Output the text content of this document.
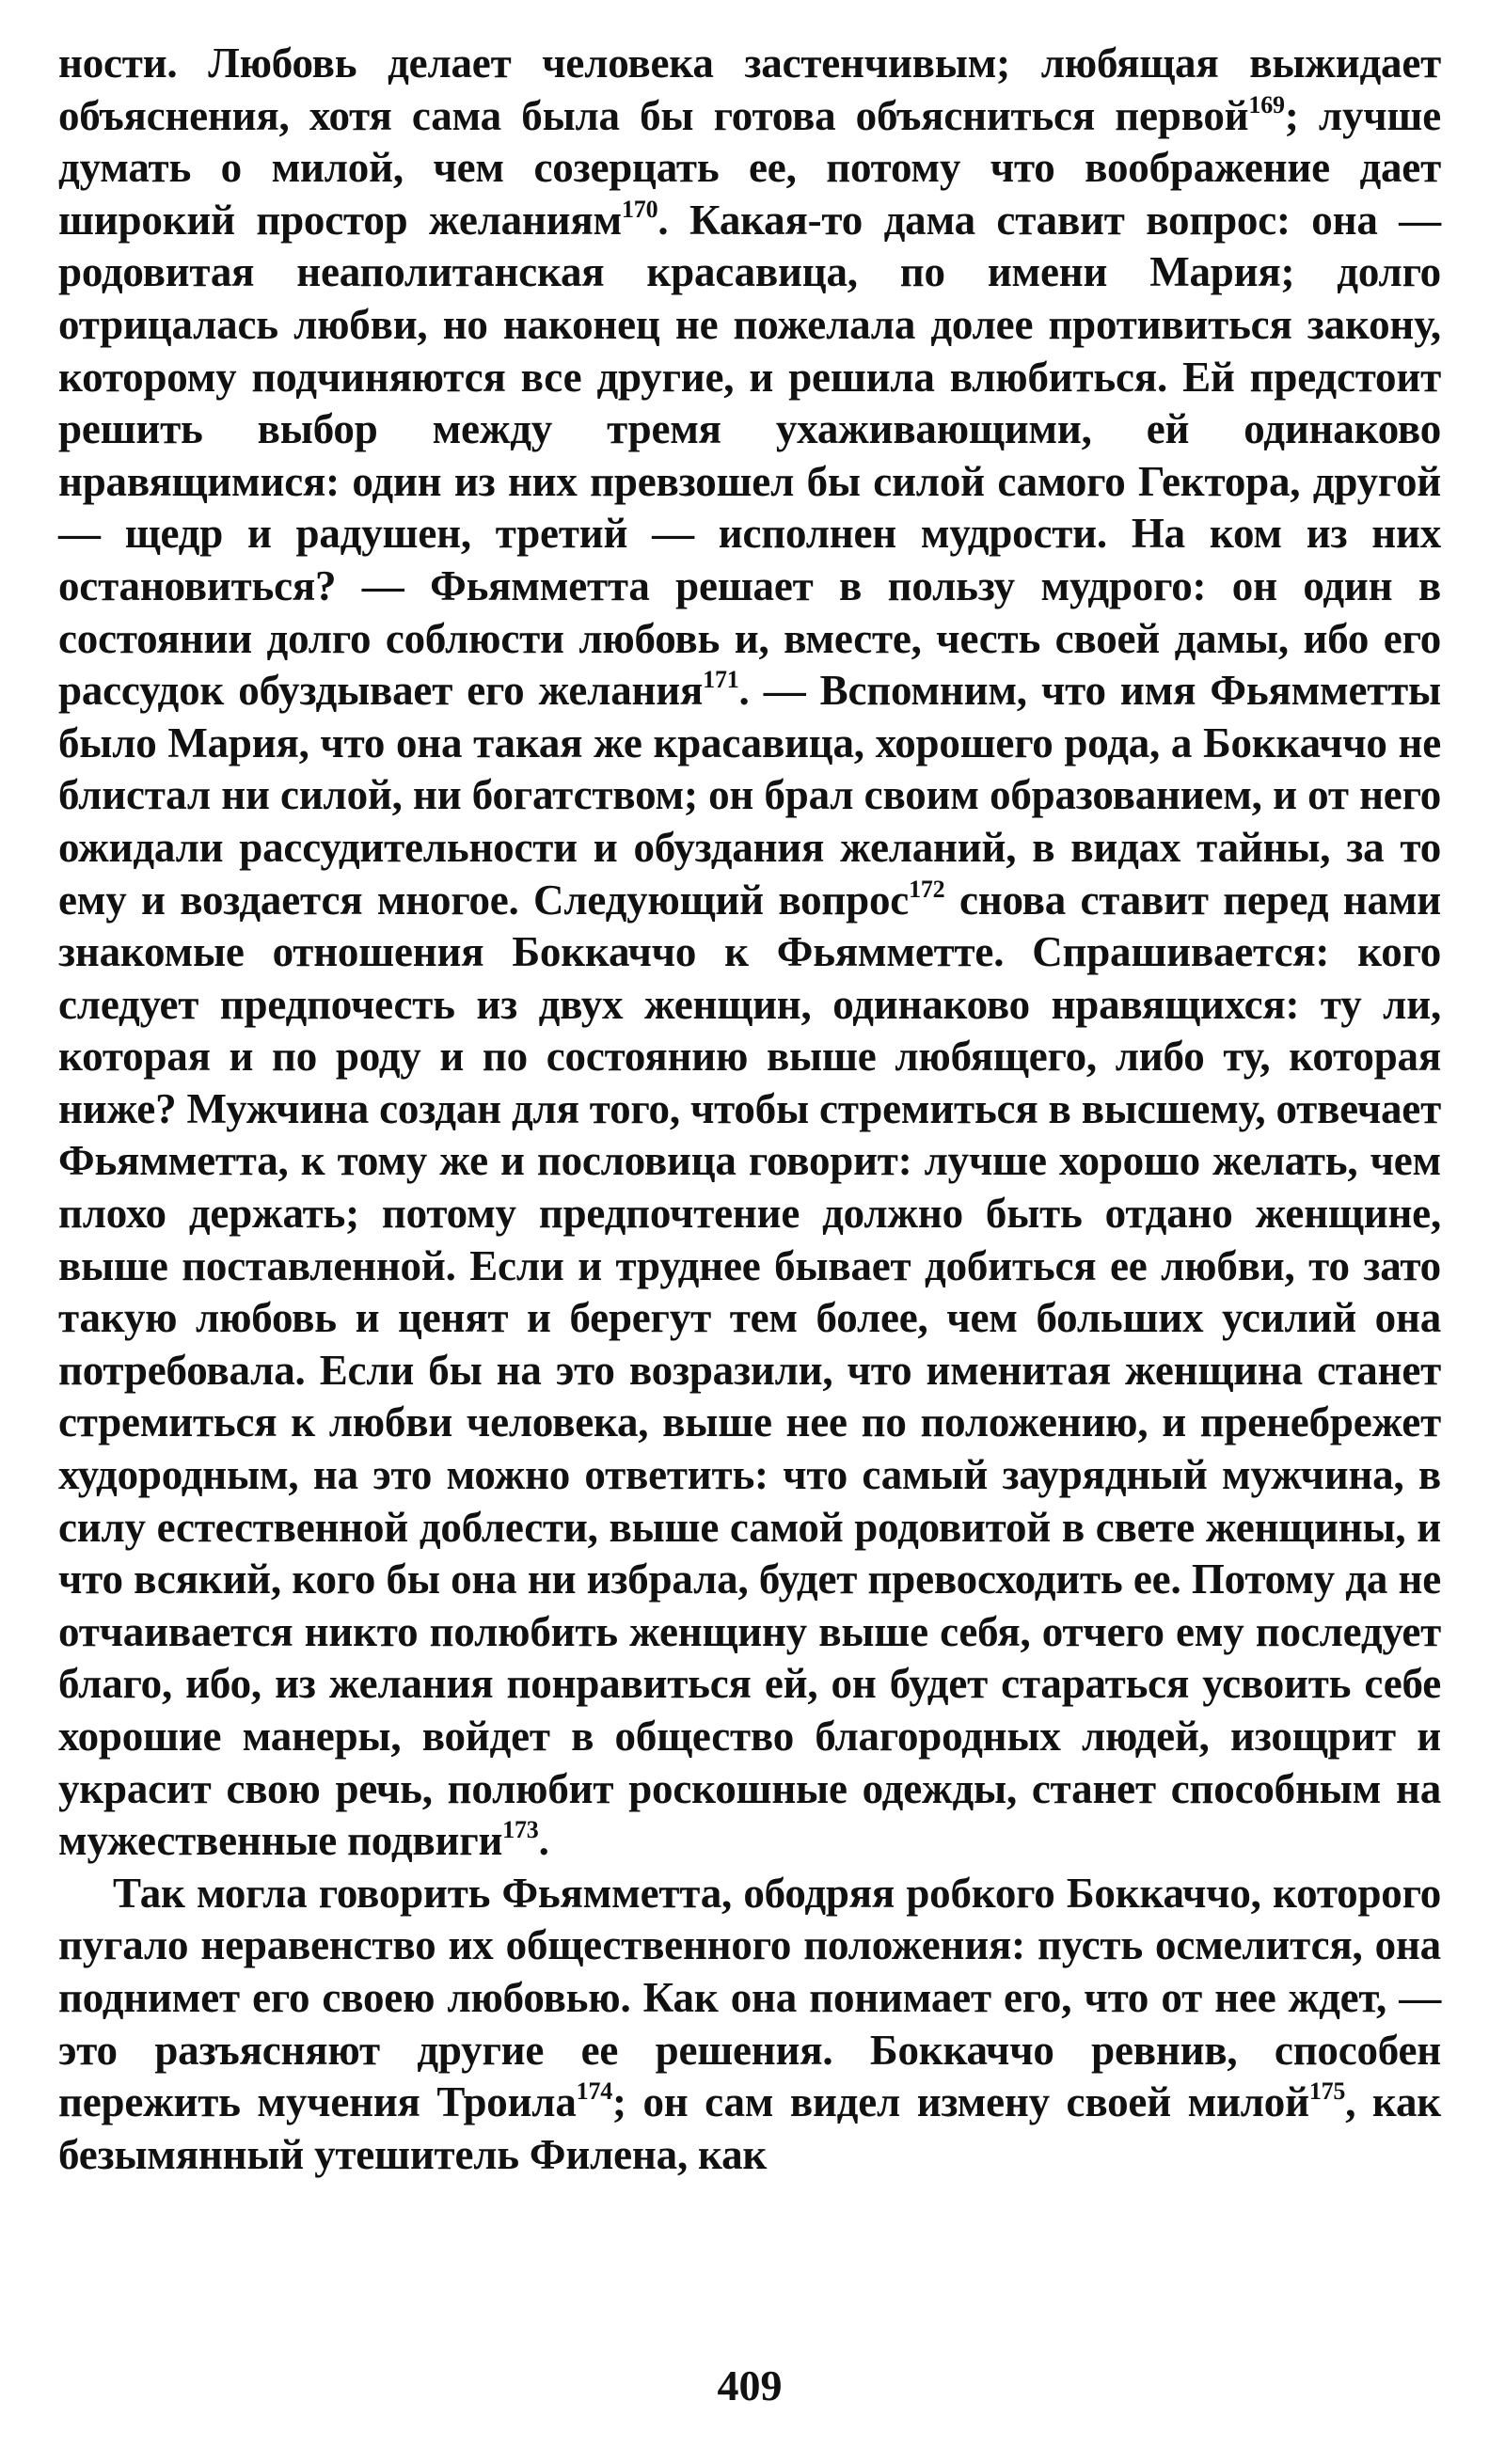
ности. Любовь делает человека застенчивым; любящая выжидает объяснения, хотя сама была бы готова объясниться первой$^{169}$; лучше думать о милой, чем созерцать ее, потому что воображение дает широкий простор желаниям$^{170}$. Какая-то дама ставит вопрос: она — родовитая неаполитанская красавица, по имени Мария; долго отрицалась любви, но наконец не пожелала долее противиться закону, которому подчиняются все другие, и решила влюбиться. Ей предстоит решить выбор между тремя ухаживающими, ей одинаково нравящимися: один из них превзошел бы силой самого Гектора, другой — щедр и радушен, третий — исполнен мудрости. На ком из них остановиться? — Фьямметта решает в пользу мудрого: он один в состоянии долго соблюсти любовь и, вместе, честь своей дамы, ибо его рассудок обуздывает его желания$^{171}$. — Вспомним, что имя Фьямметты было Мария, что она такая же красавица, хорошего рода, а Боккаччо не блистал ни силой, ни богатством; он брал своим образованием, и от него ожидали рассудительности и обуздания желаний, в видах тайны, за то ему и воздается многое. Следующий вопрос$^{172}$ снова ставит перед нами знакомые отношения Боккаччо к Фьямметте. Спрашивается: кого следует предпочесть из двух женщин, одинаково нравящихся: ту ли, которая и по роду и по состоянию выше любящего, либо ту, которая ниже? Мужчина создан для того, чтобы стремиться в высшему, отвечает Фьямметта, к тому же и пословица говорит: лучше хорошо желать, чем плохо держать; потому предпочтение должно быть отдано женщине, выше поставленной. Если и труднее бывает добиться ее любви, то зато такую любовь и ценят и берегут тем более, чем больших усилий она потребовала. Если бы на это возразили, что именитая женщина станет стремиться к любви человека, выше нее по положению, и пренебрежет худородным, на это можно ответить: что самый заурядный мужчина, в силу естественной доблести, выше самой родовитой в свете женщины, и что всякий, кого бы она ни избрала, будет превосходить ее. Потому да не отчаивается никто полюбить женщину выше себя, отчего ему последует благо, ибо, из желания понравиться ей, он будет стараться усвоить себе хорошие манеры, войдет в общество благородных людей, изощрит и украсит свою речь, полюбит роскошные одежды, станет способным на мужественные подвиги$^{173}$.

Так могла говорить Фьямметта, ободряя робкого Боккаччо, которого пугало неравенство их общественного положения: пусть осмелится, она поднимет его своею любовью. Как она понимает его, что от нее ждет, — это разъясняют другие ее решения. Боккаччо ревнив, способен пережить мучения Троила$^{174}$; он сам видел измену своей милой$^{175}$, как безымянный утешитель Филена, как

409
